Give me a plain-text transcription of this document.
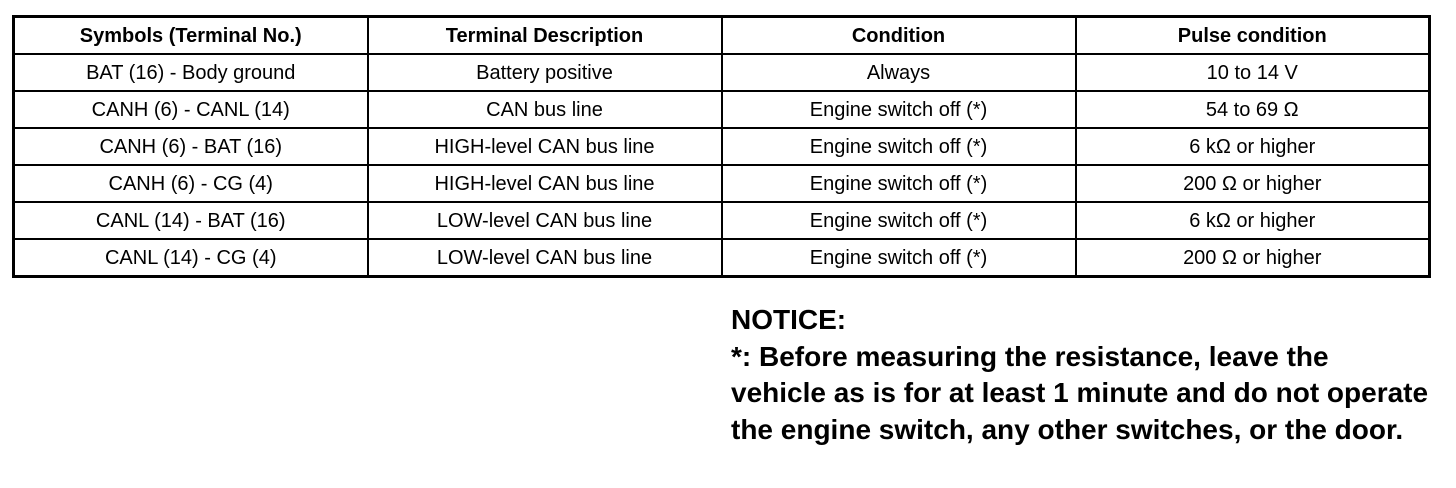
Symbols (Terminal No.)	Terminal Description	Condition	Pulse condition
BAT (16) - Body ground	Battery positive	Always	10 to 14 V
CANH (6) - CANL (14)	CAN bus line	Engine switch off (*)	54 to 69 Ω
CANH (6) - BAT (16)	HIGH-level CAN bus line	Engine switch off (*)	6 kΩ or higher
CANH (6) - CG (4)	HIGH-level CAN bus line	Engine switch off (*)	200 Ω or higher
CANL (14) - BAT (16)	LOW-level CAN bus line	Engine switch off (*)	6 kΩ or higher
CANL (14) - CG (4)	LOW-level CAN bus line	Engine switch off (*)	200 Ω or higher

NOTICE:

*: Before measuring the resistance, leave the vehicle as is for at least 1 minute and do not operate the engine switch, any other switches, or the door.
